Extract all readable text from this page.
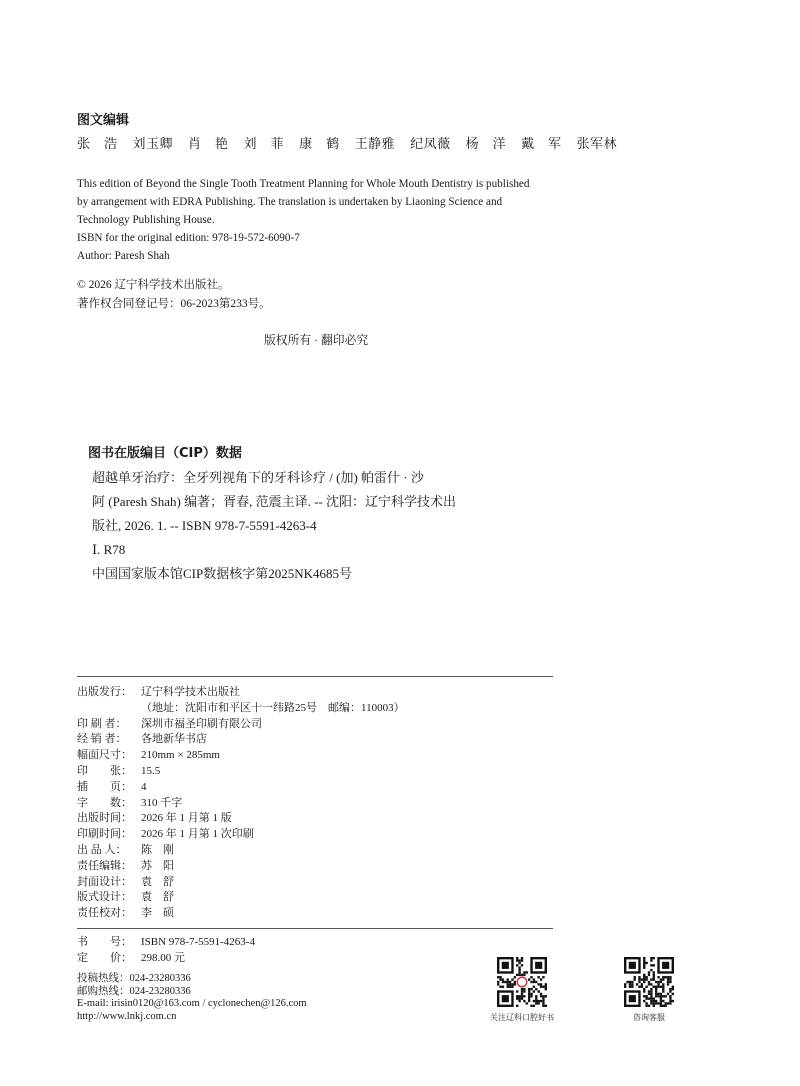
图文编辑
张　浩 刘玉卿 肖　艳 刘　菲 康　鹤 王静雅 纪凤薇 杨　洋 戴　军 张军林
This edition of Beyond the Single Tooth Treatment Planning for Whole Mouth Dentistry is published
by arrangement with EDRA Publishing. The translation is undertaken by Liaoning Science and
Technology Publishing House.
ISBN for the original edition: 978-19-572-6090-7
Author: Paresh Shah
© 2026 辽宁科学技术出版社。
著作权合同登记号：06-2023第233号。
版权所有 · 翻印必究
图书在版编目（CIP）数据
超越单牙治疗：全牙列视角下的牙科诊疗 / (加) 帕雷什 · 沙
阿 (Paresh Shah) 编著；胥春, 范震主译. -- 沈阳：辽宁科学技术出
版社, 2026. 1. -- ISBN 978-7-5591-4263-4
Ⅰ. R78
中国国家版本馆CIP数据核字第2025NK4685号
出版发行： 辽宁科学技术出版社
（地址：沈阳市和平区十一纬路25号　邮编：110003）
印 刷 者：	深圳市福圣印刷有限公司
经 销 者：	各地新华书店
幅面尺寸： 210mm × 285mm
印　　张： 15.5
插　　页： 4
字　　数： 310 千字
出版时间： 2026 年 1 月第 1 版
印刷时间： 2026 年 1 月第 1 次印刷
出 品 人：	陈　刚
责任编辑： 苏　阳
封面设计： 袁　舒
版式设计： 袁　舒
责任校对： 李　硕
书　　号： ISBN 978-7-5591-4263-4
定　　价： 298.00 元
投稿热线：024-23280336
邮购热线：024-23280336
E-mail: irisin0120@163.com / cyclonechen@126.com
http://www.lnkj.com.cn	关注辽科口腔好书	咨询客服
